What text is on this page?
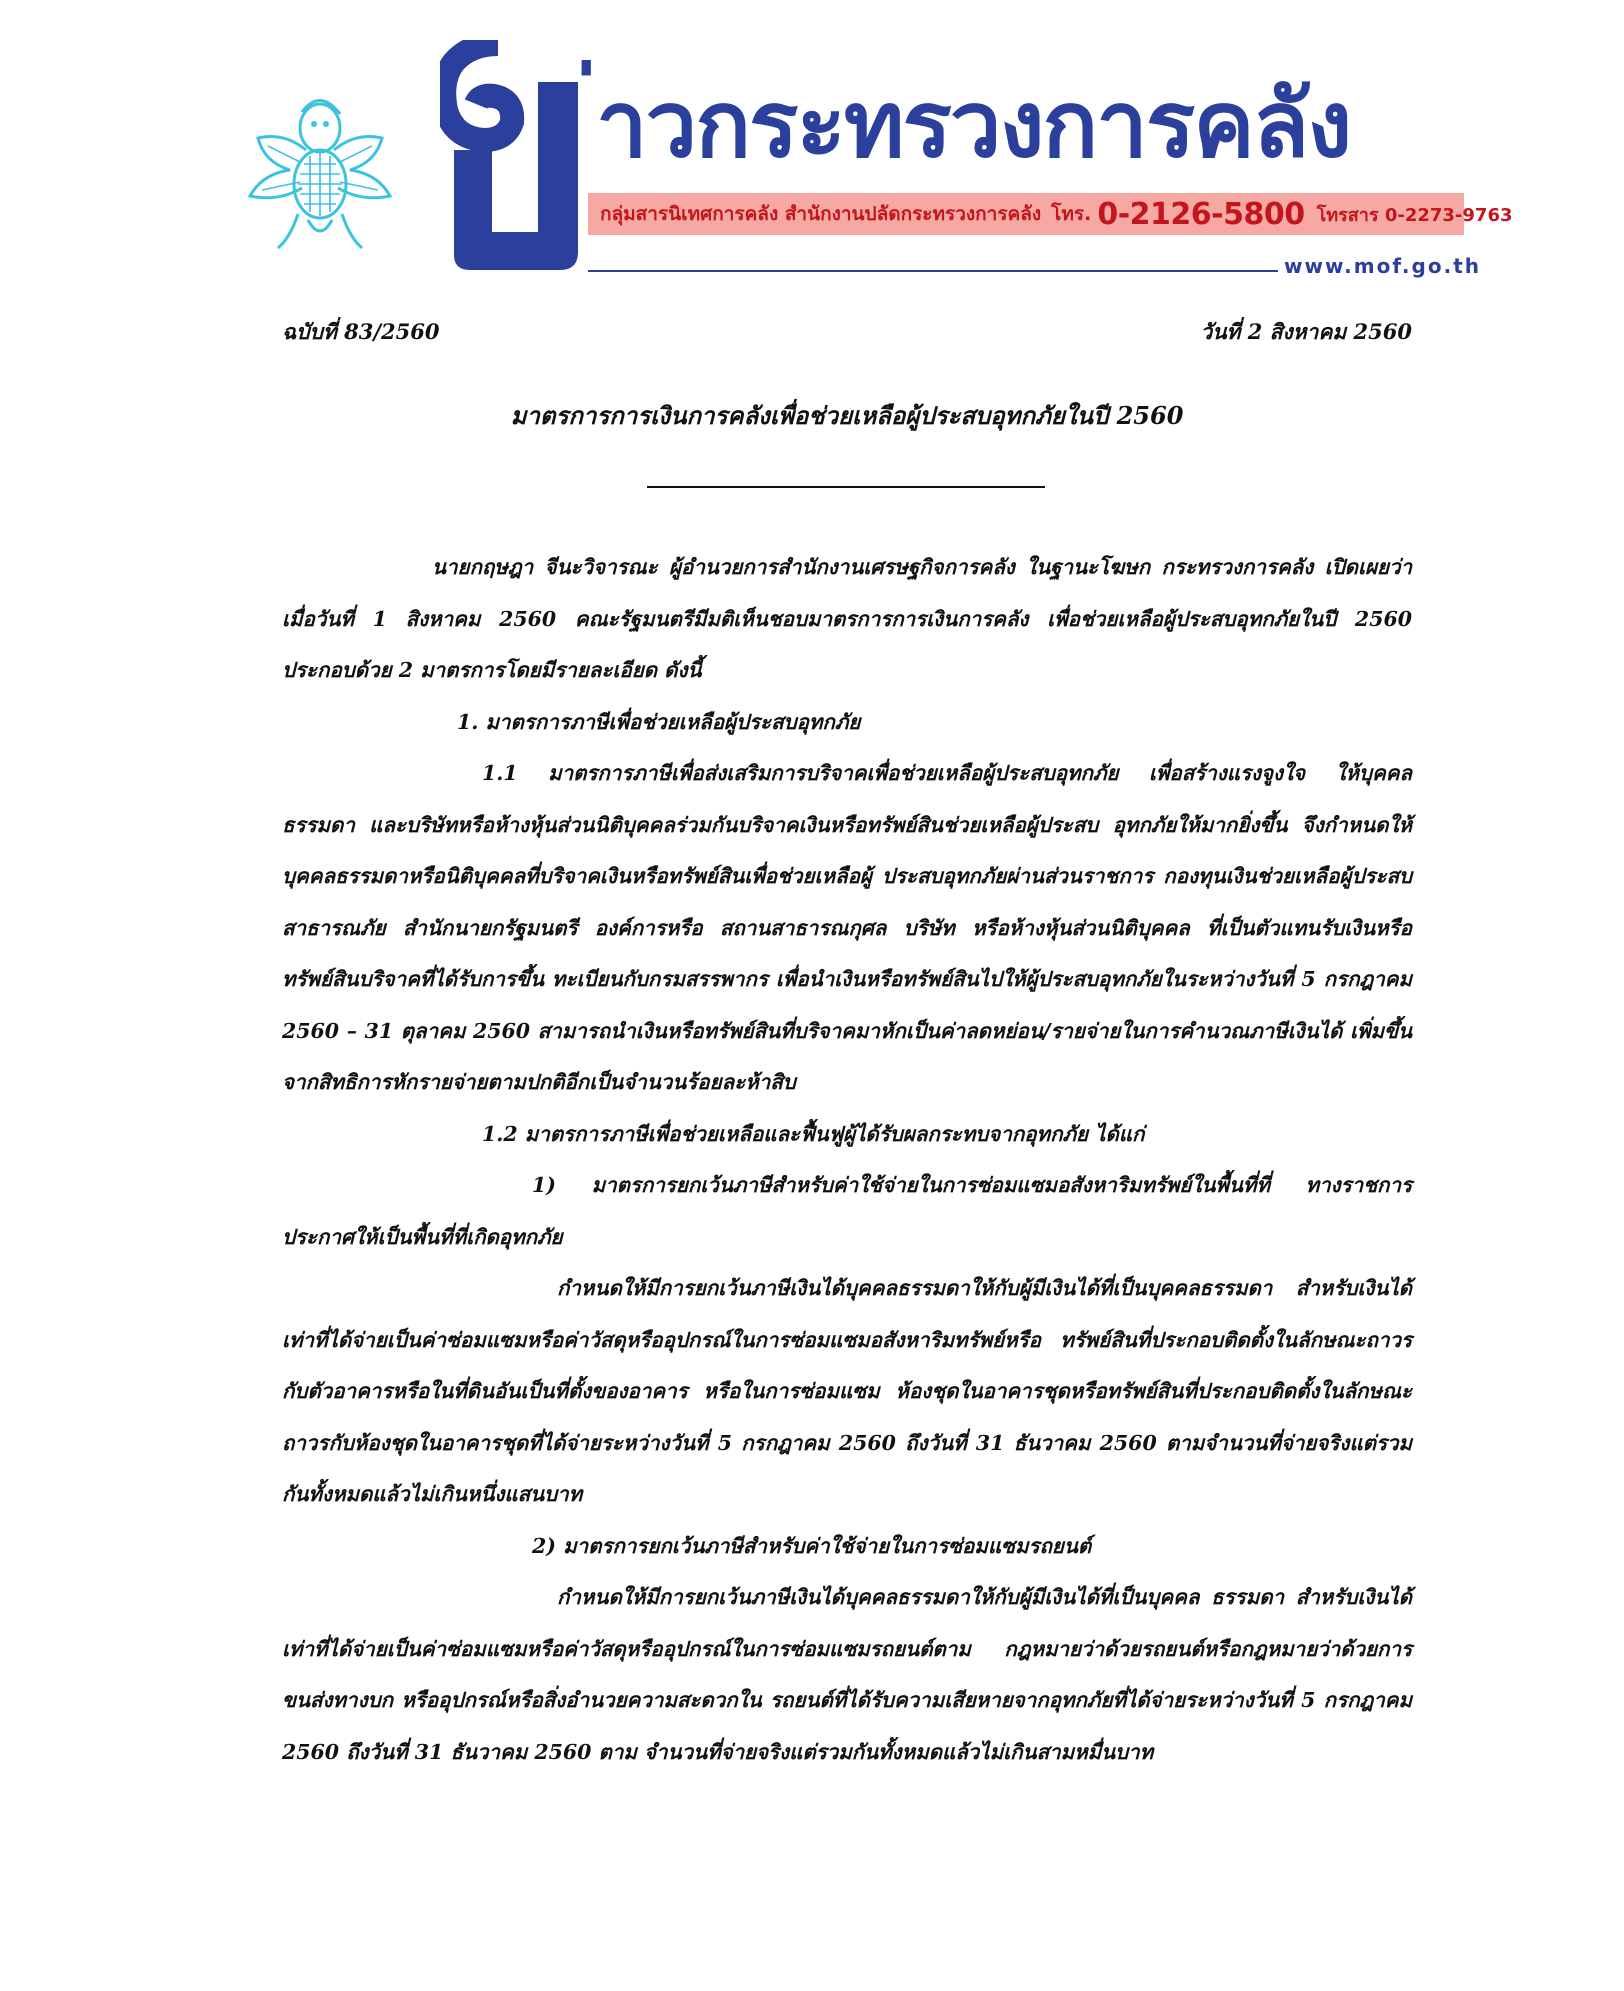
่าวกระทรวงการคลัง
กลุ่มสารนิเทศการคลัง สำนักงานปลัดกระทรวงการคลัง โทร. 0-2126-5800 โทรสาร 0-2273-9763
www.mof.go.th
ฉบับที่ 83/2560	วันที่ 2 สิงหาคม 2560
มาตรการการเงินการคลังเพื่อช่วยเหลือผู้ประสบอุทกภัยในปี 2560

นายกฤษฎา จีนะวิจารณะ ผู้อำนวยการสำนักงานเศรษฐกิจการคลัง ในฐานะโฆษก กระทรวงการคลัง เปิดเผยว่า เมื่อวันที่ 1 สิงหาคม 2560 คณะรัฐมนตรีมีมติเห็นชอบมาตรการการเงินการคลัง เพื่อช่วยเหลือผู้ประสบอุทกภัยในปี 2560 ประกอบด้วย 2 มาตรการโดยมีรายละเอียด ดังนี้

1. มาตรการภาษีเพื่อช่วยเหลือผู้ประสบอุทกภัย

1.1 มาตรการภาษีเพื่อส่งเสริมการบริจาคเพื่อช่วยเหลือผู้ประสบอุทกภัย เพื่อสร้างแรงจูงใจ ให้บุคคลธรรมดา และบริษัทหรือห้างหุ้นส่วนนิติบุคคลร่วมกันบริจาคเงินหรือทรัพย์สินช่วยเหลือผู้ประสบ อุทกภัยให้มากยิ่งขึ้น จึงกำหนดให้บุคคลธรรมดาหรือนิติบุคคลที่บริจาคเงินหรือทรัพย์สินเพื่อช่วยเหลือผู้ ประสบอุทกภัยผ่านส่วนราชการ กองทุนเงินช่วยเหลือผู้ประสบสาธารณภัย สำนักนายกรัฐมนตรี องค์การหรือ สถานสาธารณกุศล บริษัท หรือห้างหุ้นส่วนนิติบุคคล ที่เป็นตัวแทนรับเงินหรือทรัพย์สินบริจาคที่ได้รับการขึ้น ทะเบียนกับกรมสรรพากร เพื่อนำเงินหรือทรัพย์สินไปให้ผู้ประสบอุทกภัยในระหว่างวันที่ 5 กรกฎาคม 2560 – 31 ตุลาคม 2560 สามารถนำเงินหรือทรัพย์สินที่บริจาคมาหักเป็นค่าลดหย่อน/รายจ่ายในการคำนวณภาษีเงินได้ เพิ่มขึ้นจากสิทธิการหักรายจ่ายตามปกติอีกเป็นจำนวนร้อยละห้าสิบ

1.2 มาตรการภาษีเพื่อช่วยเหลือและฟื้นฟูผู้ได้รับผลกระทบจากอุทกภัย ได้แก่

1) มาตรการยกเว้นภาษีสำหรับค่าใช้จ่ายในการซ่อมแซมอสังหาริมทรัพย์ในพื้นที่ที่ ทางราชการประกาศให้เป็นพื้นที่ที่เกิดอุทกภัย

กำหนดให้มีการยกเว้นภาษีเงินได้บุคคลธรรมดาให้กับผู้มีเงินได้ที่เป็นบุคคลธรรมดา สำหรับเงินได้เท่าที่ได้จ่ายเป็นค่าซ่อมแซมหรือค่าวัสดุหรืออุปกรณ์ในการซ่อมแซมอสังหาริมทรัพย์หรือ ทรัพย์สินที่ประกอบติดตั้งในลักษณะถาวรกับตัวอาคารหรือในที่ดินอันเป็นที่ตั้งของอาคาร หรือในการซ่อมแซม ห้องชุดในอาคารชุดหรือทรัพย์สินที่ประกอบติดตั้งในลักษณะถาวรกับห้องชุดในอาคารชุดที่ได้จ่ายระหว่างวันที่ 5 กรกฎาคม 2560 ถึงวันที่ 31 ธันวาคม 2560 ตามจำนวนที่จ่ายจริงแต่รวมกันทั้งหมดแล้วไม่เกินหนึ่งแสนบาท

2) มาตรการยกเว้นภาษีสำหรับค่าใช้จ่ายในการซ่อมแซมรถยนต์

กำหนดให้มีการยกเว้นภาษีเงินได้บุคคลธรรมดาให้กับผู้มีเงินได้ที่เป็นบุคคล ธรรมดา สำหรับเงินได้เท่าที่ได้จ่ายเป็นค่าซ่อมแซมหรือค่าวัสดุหรืออุปกรณ์ในการซ่อมแซมรถยนต์ตาม กฎหมายว่าด้วยรถยนต์หรือกฎหมายว่าด้วยการขนส่งทางบก หรืออุปกรณ์หรือสิ่งอำนวยความสะดวกใน รถยนต์ที่ได้รับความเสียหายจากอุทกภัยที่ได้จ่ายระหว่างวันที่ 5 กรกฎาคม 2560 ถึงวันที่ 31 ธันวาคม 2560 ตาม จำนวนที่จ่ายจริงแต่รวมกันทั้งหมดแล้วไม่เกินสามหมื่นบาท
